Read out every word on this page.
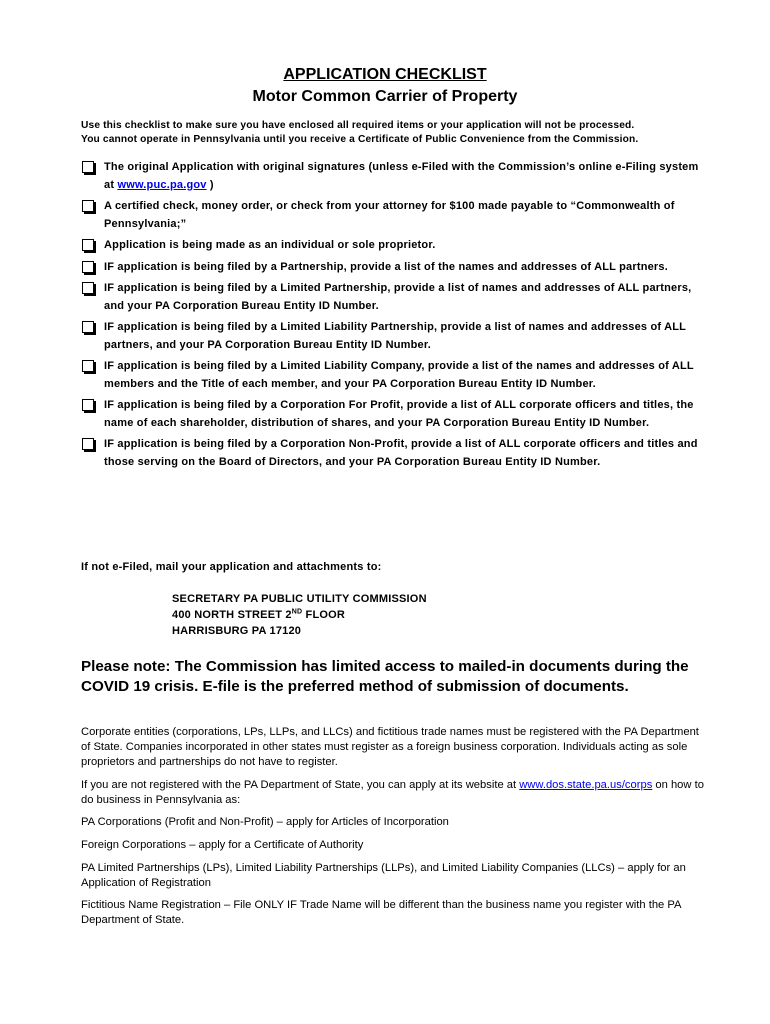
APPLICATION CHECKLIST
Motor Common Carrier of Property
Use this checklist to make sure you have enclosed all required items or your application will not be processed.
You cannot operate in Pennsylvania until you receive a Certificate of Public Convenience from the Commission.
The original Application with original signatures (unless e-Filed with the Commission’s online e-Filing system at www.puc.pa.gov )
A certified check, money order, or check from your attorney for $100 made payable to “Commonwealth of Pennsylvania;”
Application is being made as an individual or sole proprietor.
IF application is being filed by a Partnership, provide a list of the names and addresses of ALL partners.
IF application is being filed by a Limited Partnership, provide a list of names and addresses of ALL partners, and your PA Corporation Bureau Entity ID Number.
IF application is being filed by a Limited Liability Partnership, provide a list of names and addresses of ALL partners, and your PA Corporation Bureau Entity ID Number.
IF application is being filed by a Limited Liability Company, provide a list of the names and addresses of ALL members and the Title of each member, and your PA Corporation Bureau Entity ID Number.
IF application is being filed by a Corporation For Profit, provide a list of ALL corporate officers and titles, the name of each shareholder, distribution of shares, and your PA Corporation Bureau Entity ID Number.
IF application is being filed by a Corporation Non-Profit, provide a list of ALL corporate officers and titles and those serving on the Board of Directors, and your PA Corporation Bureau Entity ID Number.
If not e-Filed, mail your application and attachments to:
SECRETARY PA PUBLIC UTILITY COMMISSION
400 NORTH STREET 2ND FLOOR
HARRISBURG PA 17120
Please note: The Commission has limited access to mailed-in documents during the COVID 19 crisis. E-file is the preferred method of submission of documents.
Corporate entities (corporations, LPs, LLPs, and LLCs) and fictitious trade names must be registered with the PA Department of State. Companies incorporated in other states must register as a foreign business corporation. Individuals acting as sole proprietors and partnerships do not have to register.
If you are not registered with the PA Department of State, you can apply at its website at www.dos.state.pa.us/corps on how to do business in Pennsylvania as:
PA Corporations (Profit and Non-Profit) – apply for Articles of Incorporation
Foreign Corporations – apply for a Certificate of Authority
PA Limited Partnerships (LPs), Limited Liability Partnerships (LLPs), and Limited Liability Companies (LLCs) – apply for an Application of Registration
Fictitious Name Registration – File ONLY IF Trade Name will be different than the business name you register with the PA Department of State.
